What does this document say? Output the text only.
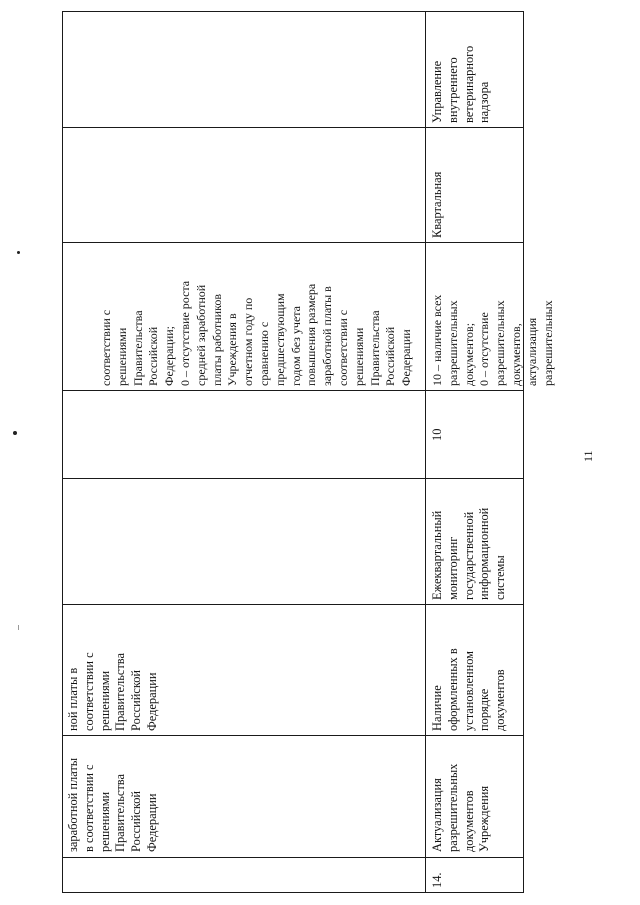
заработной платы в соответствии с решениями Правительства Российской Федерации
ной платы в соответствии с решениями Правительства Российской Федерации
соответствии с решениями Правительства Российской Федерации; 0 – отсутствие роста средней заработной платы работников Учреждения в отчетном году по сравнению с предшествующим годом без учета повышения размера заработной платы в соответствии с решениями Правительства Российской Федерации
14.
Актуализация разрешительных документов Учреждения
Наличие оформленных в установленном порядке документов
Ежеквартальный мониторинг государственной информационной системы
10
10 – наличие всех разрешительных документов; 0 – отсутствие разрешительных документов, актуализация разрешительных
Квартальная
Управление внутреннего ветеринарного надзора
11
